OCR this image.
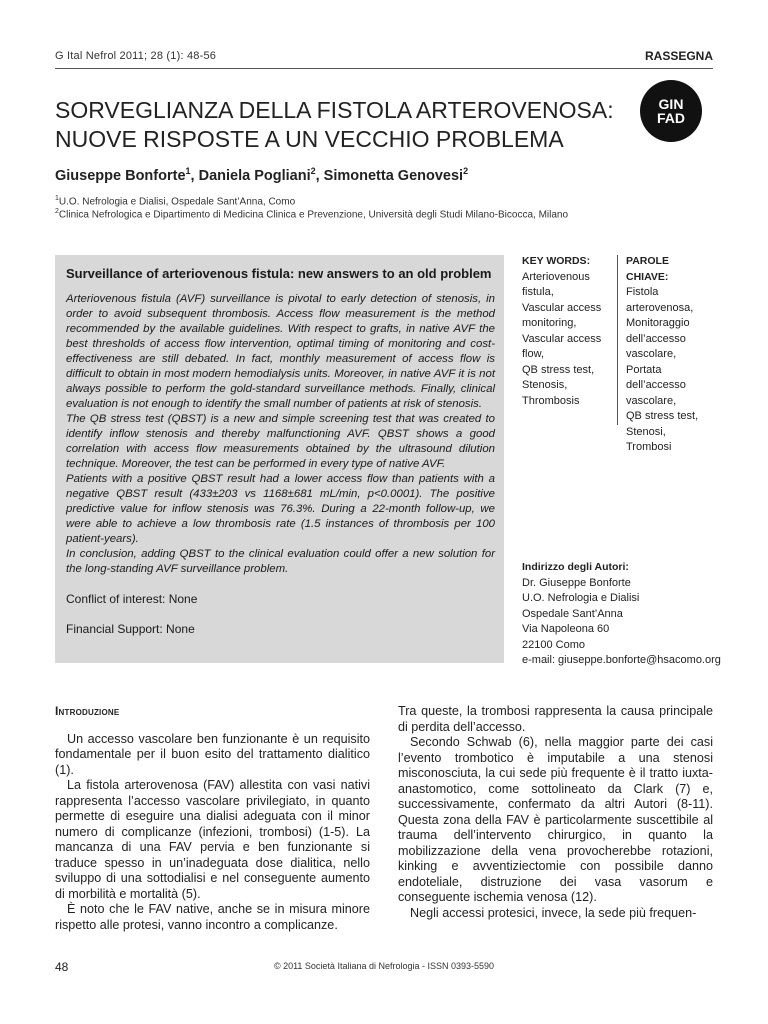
G Ital Nefrol 2011; 28 (1): 48-56	RASSEGNA
SORVEGLIANZA DELLA FISTOLA ARTEROVENOSA:
NUOVE RISPOSTE A UN VECCHIO PROBLEMA
GIN
FAD
Giuseppe Bonforte$^1$, Daniela Pogliani$^2$, Simonetta Genovesi$^2$
$^1$U.O. Nefrologia e Dialisi, Ospedale Sant’Anna, Como
$^2$Clinica Nefrologica e Dipartimento di Medicina Clinica e Prevenzione, Università degli Studi Milano-Bicocca, Milano
Surveillance of arteriovenous fistula: new answers to an old problem

Arteriovenous fistula (AVF) surveillance is pivotal to early detection of stenosis, in order to avoid subsequent thrombosis. Access flow measurement is the method recommended by the available guidelines. With respect to grafts, in native AVF the best thresholds of access flow intervention, optimal timing of monitoring and cost-effectiveness are still debated. In fact, monthly measurement of access flow is difficult to obtain in most modern hemodialysis units. Moreover, in native AVF it is not always possible to perform the gold-standard surveillance methods. Finally, clinical evaluation is not enough to identify the small number of patients at risk of stenosis.

The QB stress test (QBST) is a new and simple screening test that was created to identify inflow stenosis and thereby malfunctioning AVF. QBST shows a good correlation with access flow measurements obtained by the ultrasound dilution technique. Moreover, the test can be performed in every type of native AVF.

Patients with a positive QBST result had a lower access flow than patients with a negative QBST result (433±203 vs 1168±681 mL/min, p<0.0001). The positive predictive value for inflow stenosis was 76.3%. During a 22-month follow-up, we were able to achieve a low thrombosis rate (1.5 instances of thrombosis per 100 patient-years).

In conclusion, adding QBST to the clinical evaluation could offer a new solution for the long-standing AVF surveillance problem.

Conflict of interest: None
Financial Support: None
KEY WORDS:
Arteriovenous
fistula,
Vascular access
monitoring,
Vascular access
flow,
QB stress test,
Stenosis,
Thrombosis
PAROLE CHIAVE:
Fistola
arterovenosa,
Monitoraggio
dell’accesso
vascolare,
Portata
dell’accesso
vascolare,
QB stress test,
Stenosi,
Trombosi
Indirizzo degli Autori:
Dr. Giuseppe Bonforte
U.O. Nefrologia e Dialisi
Ospedale Sant’Anna
Via Napoleona 60
22100 Como
e-mail: giuseppe.bonforte@hsacomo.org
Introduzione

Un accesso vascolare ben funzionante è un requisito fondamentale per il buon esito del trattamento dialitico (1).

La fistola arterovenosa (FAV) allestita con vasi nativi rappresenta l’accesso vascolare privilegiato, in quanto permette di eseguire una dialisi adeguata con il minor numero di complicanze (infezioni, trombosi) (1-5). La mancanza di una FAV pervia e ben funzionante si traduce spesso in un’inadeguata dose dialitica, nello sviluppo di una sottodialisi e nel conseguente aumento di morbilità e mortalità (5).

È noto che le FAV native, anche se in misura minore rispetto alle protesi, vanno incontro a complicanze.

Tra queste, la trombosi rappresenta la causa principale di perdita dell’accesso.

Secondo Schwab (6), nella maggior parte dei casi l’evento trombotico è imputabile a una stenosi misconosciuta, la cui sede più frequente è il tratto iuxta-anastomotico, come sottolineato da Clark (7) e, successivamente, confermato da altri Autori (8-11). Questa zona della FAV è particolarmente suscettibile al trauma dell’intervento chirurgico, in quanto la mobilizzazione della vena provocherebbe rotazioni, kinking e avventiziectomie con possibile danno endoteliale, distruzione dei vasa vasorum e conseguente ischemia venosa (12).

Negli accessi protesici, invece, la sede più frequen-

48	© 2011 Società Italiana di Nefrologia - ISSN 0393-5590
